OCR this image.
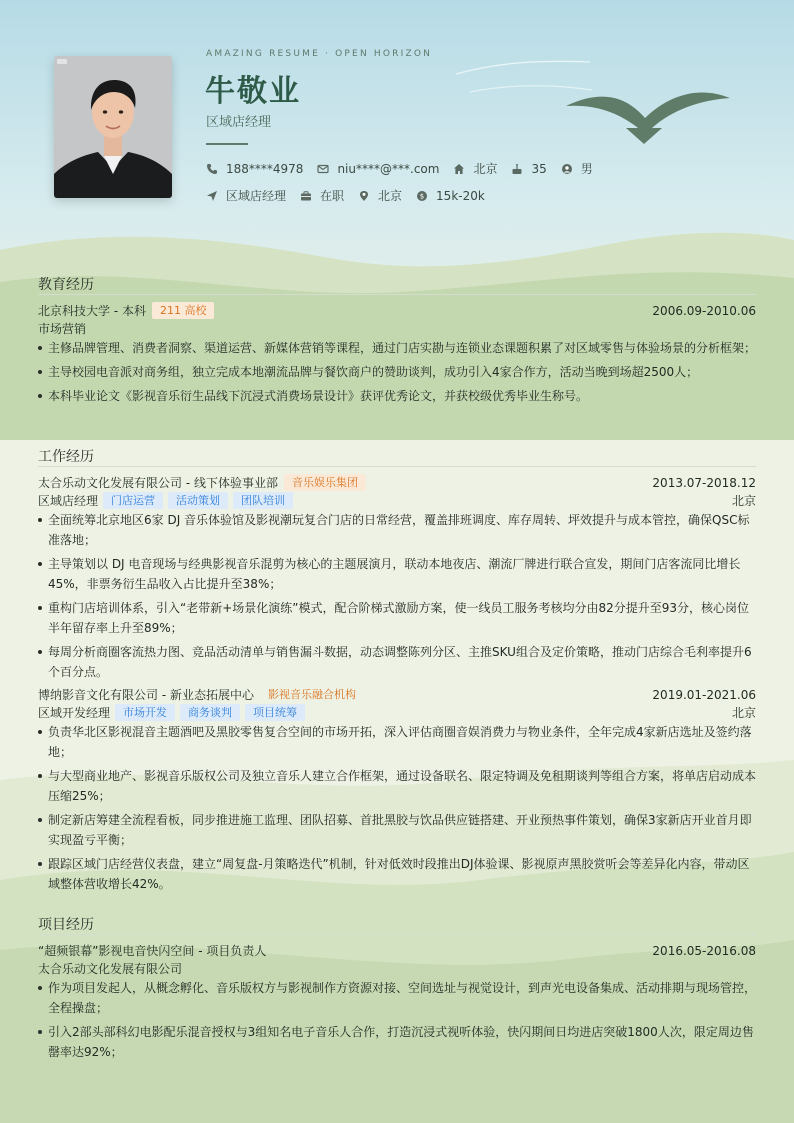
AMAZING RESUME · OPEN HORIZON
牛敬业
区域店经理
188****4978	niu****@***.com	北京	35	男
区域店经理	在职	北京	$ 15k-20k
教育经历
北京科技大学 - 本科	211 高校	2006.09-2010.06
市场营销
主修品牌管理、消费者洞察、渠道运营、新媒体营销等课程，通过门店实勘与连锁业态课题积累了对区域零售与体验场景的分析框架；
主导校园电音派对商务组，独立完成本地潮流品牌与餐饮商户的赞助谈判，成功引入4家合作方，活动当晚到场超2500人；
本科毕业论文《影视音乐衍生品线下沉浸式消费场景设计》获评优秀论文，并获校级优秀毕业生称号。
工作经历
太合乐动文化发展有限公司 - 线下体验事业部	音乐娱乐集团	2013.07-2018.12
区域店经理	门店运营	活动策划	团队培训	北京
全面统筹北京地区6家 DJ 音乐体验馆及影视潮玩复合门店的日常经营，覆盖排班调度、库存周转、坪效提升与成本管控，确保QSC标准落地；
主导策划以 DJ 电音现场与经典影视音乐混剪为核心的主题展演月，联动本地夜店、潮流厂牌进行联合宣发，期间门店客流同比增长45%，非票务衍生品收入占比提升至38%；
重构门店培训体系，引入“老带新+场景化演练”模式，配合阶梯式激励方案，使一线员工服务考核均分由82分提升至93分，核心岗位半年留存率上升至89%；
每周分析商圈客流热力图、竞品活动清单与销售漏斗数据，动态调整陈列分区、主推SKU组合及定价策略，推动门店综合毛利率提升6个百分点。
博纳影音文化有限公司 - 新业态拓展中心	影视音乐融合机构	2019.01-2021.06
区域开发经理	市场开发	商务谈判	项目统筹	北京
负责华北区影视混音主题酒吧及黑胶零售复合空间的市场开拓，深入评估商圈音娱消费力与物业条件，全年完成4家新店选址及签约落地；
与大型商业地产、影视音乐版权公司及独立音乐人建立合作框架，通过设备联名、限定特调及免租期谈判等组合方案，将单店启动成本压缩25%；
制定新店筹建全流程看板，同步推进施工监理、团队招募、首批黑胶与饮品供应链搭建、开业预热事件策划，确保3家新店开业首月即实现盈亏平衡；
跟踪区域门店经营仪表盘，建立“周复盘-月策略迭代”机制，针对低效时段推出DJ体验课、影视原声黑胶赏听会等差异化内容，带动区域整体营收增长42%。
项目经历
“超频银幕”影视电音快闪空间 - 项目负责人	2016.05-2016.08
太合乐动文化发展有限公司
作为项目发起人，从概念孵化、音乐版权方与影视制作方资源对接、空间选址与视觉设计，到声光电设备集成、活动排期与现场管控，全程操盘；
引入2部头部科幻电影配乐混音授权与3组知名电子音乐人合作，打造沉浸式视听体验，快闪期间日均进店突破1800人次，限定周边售罄率达92%；
